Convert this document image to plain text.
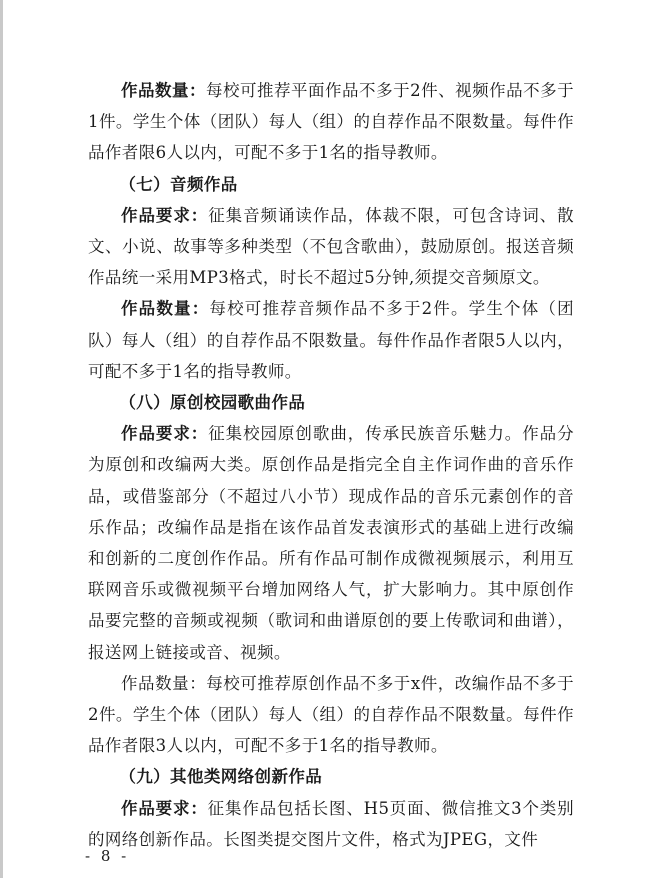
作品数量：每校可推荐平面作品不多于2件、视频作品不多于1件。学生个体（团队）每人（组）的自荐作品不限数量。每件作品作者限6人以内，可配不多于1名的指导教师。

（七）音频作品

作品要求：征集音频诵读作品，体裁不限，可包含诗词、散文、小说、故事等多种类型（不包含歌曲），鼓励原创。报送音频作品统一采用MP3格式，时长不超过5分钟,须提交音频原文。

作品数量：每校可推荐音频作品不多于2件。学生个体（团队）每人（组）的自荐作品不限数量。每件作品作者限5人以内，可配不多于1名的指导教师。

（八）原创校园歌曲作品

作品要求：征集校园原创歌曲，传承民族音乐魅力。作品分为原创和改编两大类。原创作品是指完全自主作词作曲的音乐作品，或借鉴部分（不超过八小节）现成作品的音乐元素创作的音乐作品；改编作品是指在该作品首发表演形式的基础上进行改编和创新的二度创作作品。所有作品可制作成微视频展示，利用互联网音乐或微视频平台增加网络人气，扩大影响力。其中原创作品要完整的音频或视频（歌词和曲谱原创的要上传歌词和曲谱），报送网上链接或音、视频。

作品数量：每校可推荐原创作品不多于x件，改编作品不多于2件。学生个体（团队）每人（组）的自荐作品不限数量。每件作品作者限3人以内，可配不多于1名的指导教师。

（九）其他类网络创新作品

作品要求：征集作品包括长图、H5页面、微信推文3个类别的网络创新作品。长图类提交图片文件，格式为JPEG，文件

- 8 -
